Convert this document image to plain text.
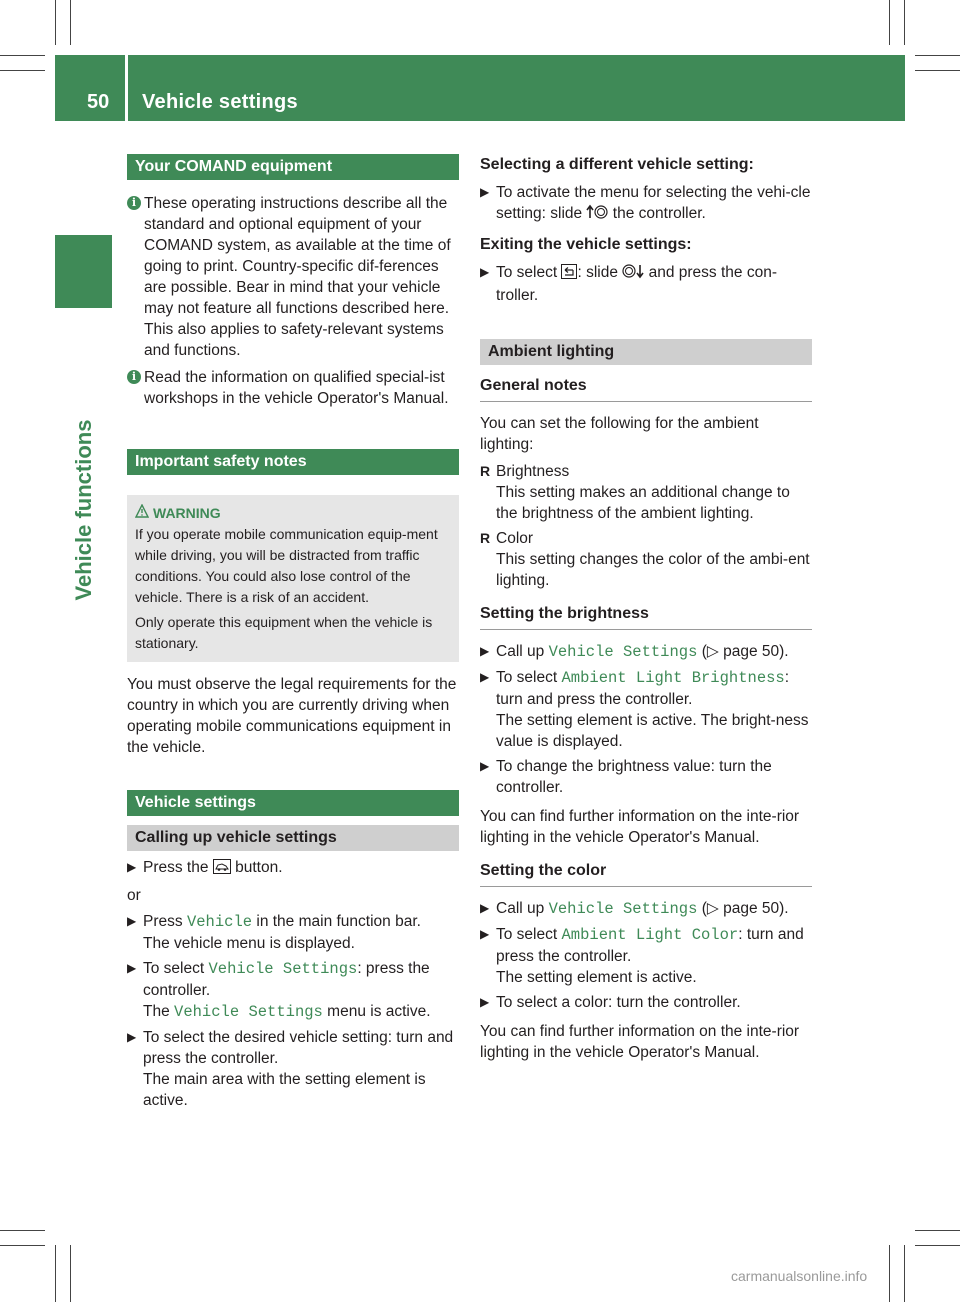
50 Vehicle settings
Vehicle functions
Your COMAND equipment

i These operating instructions describe all the standard and optional equipment of your COMAND system, as available at the time of going to print. Country-specific dif-ferences are possible. Bear in mind that your vehicle may not feature all functions described here. This also applies to safety-relevant systems and functions.

i Read the information on qualified special-ist workshops in the vehicle Operator's Manual.

Important safety notes
WARNING

If you operate mobile communication equip-ment while driving, you will be distracted from traffic conditions. You could also lose control of the vehicle. There is a risk of an accident.

Only operate this equipment when the vehicle is stationary.

You must observe the legal requirements for the country in which you are currently driving when operating mobile communications equipment in the vehicle.

Vehicle settings
Calling up vehicle settings

▶ Press the button.

or

▶ Press Vehicle in the main function bar.
The vehicle menu is displayed.

▶ To select Vehicle Settings: press the controller.
The Vehicle Settings menu is active.

▶ To select the desired vehicle setting: turn and press the controller.
The main area with the setting element is active.

Selecting a different vehicle setting:

▶ To activate the menu for selecting the vehi-cle setting: slide the controller.

Exiting the vehicle settings:

▶ To select : slide and press the con-troller.

Ambient lighting

General notes

You can set the following for the ambient lighting:

R Brightness

This setting makes an additional change to the brightness of the ambient lighting.

R Color

This setting changes the color of the ambi-ent lighting.

Setting the brightness

▶ Call up Vehicle Settings (▷ page 50).

▶ To select Ambient Light Brightness:
turn and press the controller.
The setting element is active. The bright-ness value is displayed.

▶ To change the brightness value: turn the controller.

You can find further information on the inte-rior lighting in the vehicle Operator's Manual.

Setting the color

▶ Call up Vehicle Settings (▷ page 50).

▶ To select Ambient Light Color: turn and press the controller.
The setting element is active.

▶ To select a color: turn the controller.

You can find further information on the inte-rior lighting in the vehicle Operator's Manual.

carmanualsonline.info
